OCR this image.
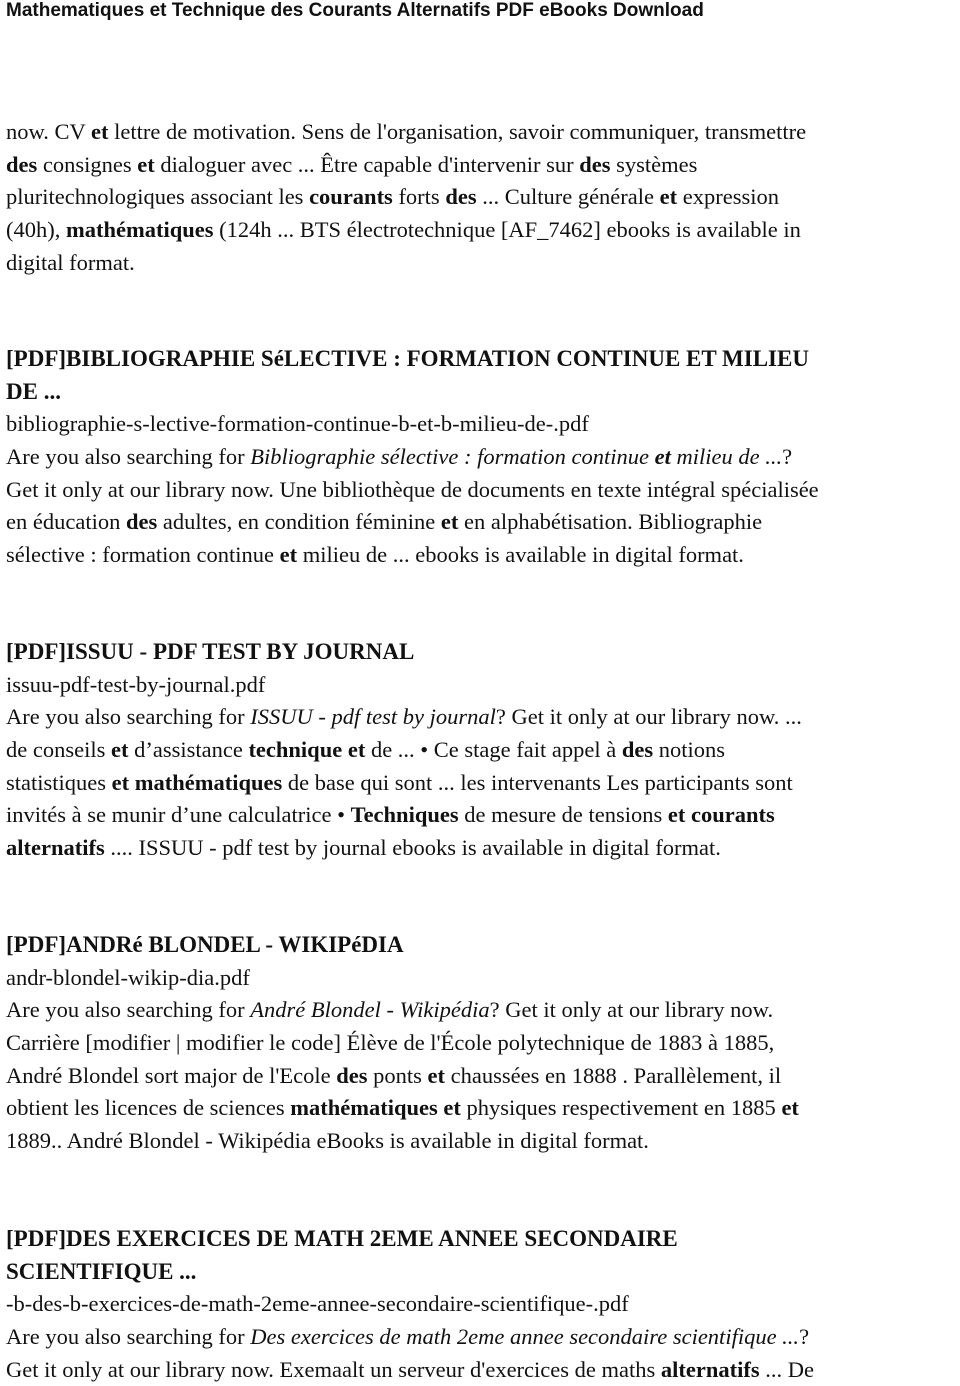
Mathematiques et Technique des Courants Alternatifs PDF eBooks Download
now. CV et lettre de motivation. Sens de l'organisation, savoir communiquer, transmettre
des consignes et dialoguer avec ... Être capable d'intervenir sur des systèmes
pluritechnologiques associant les courants forts des ... Culture générale et expression
(40h), mathématiques (124h ... BTS électrotechnique [AF_7462] ebooks is available in
digital format.
[PDF]BIBLIOGRAPHIE SéLECTIVE : FORMATION CONTINUE ET MILIEU
DE ...
bibliographie-s-lective-formation-continue-b-et-b-milieu-de-.pdf
Are you also searching for Bibliographie sélective : formation continue et milieu de ...?
Get it only at our library now. Une bibliothèque de documents en texte intégral spécialisée
en éducation des adultes, en condition féminine et en alphabétisation. Bibliographie
sélective : formation continue et milieu de ... ebooks is available in digital format.
[PDF]ISSUU - PDF TEST BY JOURNAL
issuu-pdf-test-by-journal.pdf
Are you also searching for ISSUU - pdf test by journal? Get it only at our library now. ...
de conseils et d’assistance technique et de ... • Ce stage fait appel à des notions
statistiques et mathématiques de base qui sont ... les intervenants Les participants sont
invités à se munir d’une calculatrice • Techniques de mesure de tensions et courants
alternatifs .... ISSUU - pdf test by journal ebooks is available in digital format.
[PDF]ANDRé BLONDEL - WIKIPéDIA
andr-blondel-wikip-dia.pdf
Are you also searching for André Blondel - Wikipédia? Get it only at our library now.
Carrière [modifier | modifier le code] Élève de l'École polytechnique de 1883 à 1885,
André Blondel sort major de l'Ecole des ponts et chaussées en 1888 . Parallèlement, il
obtient les licences de sciences mathématiques et physiques respectivement en 1885 et
1889.. André Blondel - Wikipédia eBooks is available in digital format.
[PDF]DES EXERCICES DE MATH 2EME ANNEE SECONDAIRE
SCIENTIFIQUE ...
-b-des-b-exercices-de-math-2eme-annee-secondaire-scientifique-.pdf
Are you also searching for Des exercices de math 2eme annee secondaire scientifique ...?
Get it only at our library now. Exemaalt un serveur d'exercices de maths alternatifs ... De
